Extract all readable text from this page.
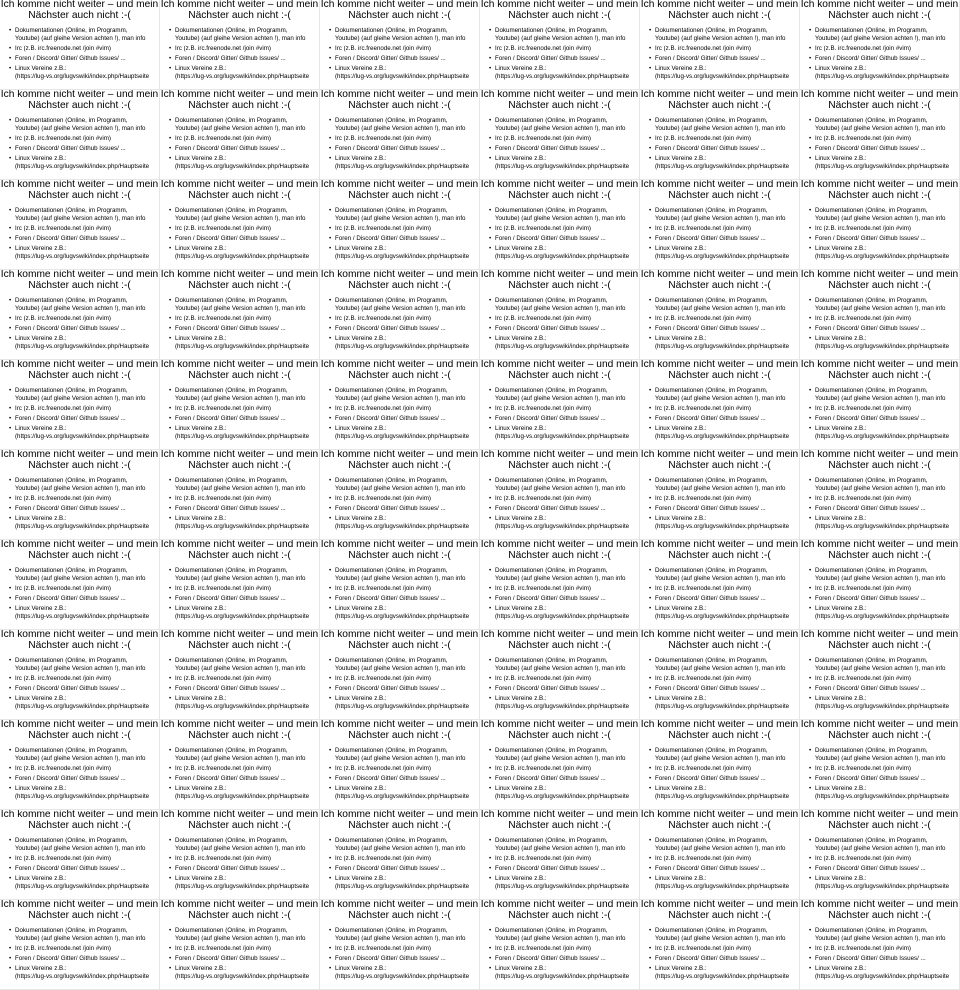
Ich komme nicht weiter – und mein
Nächster auch nicht :-(
• Dokumentationen (Online, im Programm,
Youtube) (auf gleihe Version achten !), man info
• Irc (z.B. irc.freenode.net /join #vim)
• Foren / Discord/ Gitter/ Github Issues/ ...
• Linux Vereine z.B.:
(https://lug-vs.org/lugvswiki/index.php/Hauptseite
Ich komme nicht weiter – und mein
Nächster auch nicht :-(
• Dokumentationen (Online, im Programm,
Youtube) (auf gleihe Version achten !), man info
• Irc (z.B. irc.freenode.net /join #vim)
• Foren / Discord/ Gitter/ Github Issues/ ...
• Linux Vereine z.B.:
(https://lug-vs.org/lugvswiki/index.php/Hauptseite
Ich komme nicht weiter – und mein
Nächster auch nicht :-(
• Dokumentationen (Online, im Programm,
Youtube) (auf gleihe Version achten !), man info
• Irc (z.B. irc.freenode.net /join #vim)
• Foren / Discord/ Gitter/ Github Issues/ ...
• Linux Vereine z.B.:
(https://lug-vs.org/lugvswiki/index.php/Hauptseite
Ich komme nicht weiter – und mein
Nächster auch nicht :-(
• Dokumentationen (Online, im Programm,
Youtube) (auf gleihe Version achten !), man info
• Irc (z.B. irc.freenode.net /join #vim)
• Foren / Discord/ Gitter/ Github Issues/ ...
• Linux Vereine z.B.:
(https://lug-vs.org/lugvswiki/index.php/Hauptseite
Ich komme nicht weiter – und mein
Nächster auch nicht :-(
• Dokumentationen (Online, im Programm,
Youtube) (auf gleihe Version achten !), man info
• Irc (z.B. irc.freenode.net /join #vim)
• Foren / Discord/ Gitter/ Github Issues/ ...
• Linux Vereine z.B.:
(https://lug-vs.org/lugvswiki/index.php/Hauptseite
Ich komme nicht weiter – und mein
Nächster auch nicht :-(
• Dokumentationen (Online, im Programm,
Youtube) (auf gleihe Version achten !), man info
• Irc (z.B. irc.freenode.net /join #vim)
• Foren / Discord/ Gitter/ Github Issues/ ...
• Linux Vereine z.B.:
(https://lug-vs.org/lugvswiki/index.php/Hauptseite
Ich komme nicht weiter – und mein
Nächster auch nicht :-(
• Dokumentationen (Online, im Programm,
Youtube) (auf gleihe Version achten !), man info
• Irc (z.B. irc.freenode.net /join #vim)
• Foren / Discord/ Gitter/ Github Issues/ ...
• Linux Vereine z.B.:
(https://lug-vs.org/lugvswiki/index.php/Hauptseite
Ich komme nicht weiter – und mein
Nächster auch nicht :-(
• Dokumentationen (Online, im Programm,
Youtube) (auf gleihe Version achten !), man info
• Irc (z.B. irc.freenode.net /join #vim)
• Foren / Discord/ Gitter/ Github Issues/ ...
• Linux Vereine z.B.:
(https://lug-vs.org/lugvswiki/index.php/Hauptseite
Ich komme nicht weiter – und mein
Nächster auch nicht :-(
• Dokumentationen (Online, im Programm,
Youtube) (auf gleihe Version achten !), man info
• Irc (z.B. irc.freenode.net /join #vim)
• Foren / Discord/ Gitter/ Github Issues/ ...
• Linux Vereine z.B.:
(https://lug-vs.org/lugvswiki/index.php/Hauptseite
Ich komme nicht weiter – und mein
Nächster auch nicht :-(
• Dokumentationen (Online, im Programm,
Youtube) (auf gleihe Version achten !), man info
• Irc (z.B. irc.freenode.net /join #vim)
• Foren / Discord/ Gitter/ Github Issues/ ...
• Linux Vereine z.B.:
(https://lug-vs.org/lugvswiki/index.php/Hauptseite
Ich komme nicht weiter – und mein
Nächster auch nicht :-(
• Dokumentationen (Online, im Programm,
Youtube) (auf gleihe Version achten !), man info
• Irc (z.B. irc.freenode.net /join #vim)
• Foren / Discord/ Gitter/ Github Issues/ ...
• Linux Vereine z.B.:
(https://lug-vs.org/lugvswiki/index.php/Hauptseite
Ich komme nicht weiter – und mein
Nächster auch nicht :-(
• Dokumentationen (Online, im Programm,
Youtube) (auf gleihe Version achten !), man info
• Irc (z.B. irc.freenode.net /join #vim)
• Foren / Discord/ Gitter/ Github Issues/ ...
• Linux Vereine z.B.:
(https://lug-vs.org/lugvswiki/index.php/Hauptseite
Ich komme nicht weiter – und mein
Nächster auch nicht :-(
• Dokumentationen (Online, im Programm,
Youtube) (auf gleihe Version achten !), man info
• Irc (z.B. irc.freenode.net /join #vim)
• Foren / Discord/ Gitter/ Github Issues/ ...
• Linux Vereine z.B.:
(https://lug-vs.org/lugvswiki/index.php/Hauptseite
Ich komme nicht weiter – und mein
Nächster auch nicht :-(
• Dokumentationen (Online, im Programm,
Youtube) (auf gleihe Version achten !), man info
• Irc (z.B. irc.freenode.net /join #vim)
• Foren / Discord/ Gitter/ Github Issues/ ...
• Linux Vereine z.B.:
(https://lug-vs.org/lugvswiki/index.php/Hauptseite
Ich komme nicht weiter – und mein
Nächster auch nicht :-(
• Dokumentationen (Online, im Programm,
Youtube) (auf gleihe Version achten !), man info
• Irc (z.B. irc.freenode.net /join #vim)
• Foren / Discord/ Gitter/ Github Issues/ ...
• Linux Vereine z.B.:
(https://lug-vs.org/lugvswiki/index.php/Hauptseite
Ich komme nicht weiter – und mein
Nächster auch nicht :-(
• Dokumentationen (Online, im Programm,
Youtube) (auf gleihe Version achten !), man info
• Irc (z.B. irc.freenode.net /join #vim)
• Foren / Discord/ Gitter/ Github Issues/ ...
• Linux Vereine z.B.:
(https://lug-vs.org/lugvswiki/index.php/Hauptseite
Ich komme nicht weiter – und mein
Nächster auch nicht :-(
• Dokumentationen (Online, im Programm,
Youtube) (auf gleihe Version achten !), man info
• Irc (z.B. irc.freenode.net /join #vim)
• Foren / Discord/ Gitter/ Github Issues/ ...
• Linux Vereine z.B.:
(https://lug-vs.org/lugvswiki/index.php/Hauptseite
Ich komme nicht weiter – und mein
Nächster auch nicht :-(
• Dokumentationen (Online, im Programm,
Youtube) (auf gleihe Version achten !), man info
• Irc (z.B. irc.freenode.net /join #vim)
• Foren / Discord/ Gitter/ Github Issues/ ...
• Linux Vereine z.B.:
(https://lug-vs.org/lugvswiki/index.php/Hauptseite
Ich komme nicht weiter – und mein
Nächster auch nicht :-(
• Dokumentationen (Online, im Programm,
Youtube) (auf gleihe Version achten !), man info
• Irc (z.B. irc.freenode.net /join #vim)
• Foren / Discord/ Gitter/ Github Issues/ ...
• Linux Vereine z.B.:
(https://lug-vs.org/lugvswiki/index.php/Hauptseite
Ich komme nicht weiter – und mein
Nächster auch nicht :-(
• Dokumentationen (Online, im Programm,
Youtube) (auf gleihe Version achten !), man info
• Irc (z.B. irc.freenode.net /join #vim)
• Foren / Discord/ Gitter/ Github Issues/ ...
• Linux Vereine z.B.:
(https://lug-vs.org/lugvswiki/index.php/Hauptseite
Ich komme nicht weiter – und mein
Nächster auch nicht :-(
• Dokumentationen (Online, im Programm,
Youtube) (auf gleihe Version achten !), man info
• Irc (z.B. irc.freenode.net /join #vim)
• Foren / Discord/ Gitter/ Github Issues/ ...
• Linux Vereine z.B.:
(https://lug-vs.org/lugvswiki/index.php/Hauptseite
Ich komme nicht weiter – und mein
Nächster auch nicht :-(
• Dokumentationen (Online, im Programm,
Youtube) (auf gleihe Version achten !), man info
• Irc (z.B. irc.freenode.net /join #vim)
• Foren / Discord/ Gitter/ Github Issues/ ...
• Linux Vereine z.B.:
(https://lug-vs.org/lugvswiki/index.php/Hauptseite
Ich komme nicht weiter – und mein
Nächster auch nicht :-(
• Dokumentationen (Online, im Programm,
Youtube) (auf gleihe Version achten !), man info
• Irc (z.B. irc.freenode.net /join #vim)
• Foren / Discord/ Gitter/ Github Issues/ ...
• Linux Vereine z.B.:
(https://lug-vs.org/lugvswiki/index.php/Hauptseite
Ich komme nicht weiter – und mein
Nächster auch nicht :-(
• Dokumentationen (Online, im Programm,
Youtube) (auf gleihe Version achten !), man info
• Irc (z.B. irc.freenode.net /join #vim)
• Foren / Discord/ Gitter/ Github Issues/ ...
• Linux Vereine z.B.:
(https://lug-vs.org/lugvswiki/index.php/Hauptseite
Ich komme nicht weiter – und mein
Nächster auch nicht :-(
• Dokumentationen (Online, im Programm,
Youtube) (auf gleihe Version achten !), man info
• Irc (z.B. irc.freenode.net /join #vim)
• Foren / Discord/ Gitter/ Github Issues/ ...
• Linux Vereine z.B.:
(https://lug-vs.org/lugvswiki/index.php/Hauptseite
Ich komme nicht weiter – und mein
Nächster auch nicht :-(
• Dokumentationen (Online, im Programm,
Youtube) (auf gleihe Version achten !), man info
• Irc (z.B. irc.freenode.net /join #vim)
• Foren / Discord/ Gitter/ Github Issues/ ...
• Linux Vereine z.B.:
(https://lug-vs.org/lugvswiki/index.php/Hauptseite
Ich komme nicht weiter – und mein
Nächster auch nicht :-(
• Dokumentationen (Online, im Programm,
Youtube) (auf gleihe Version achten !), man info
• Irc (z.B. irc.freenode.net /join #vim)
• Foren / Discord/ Gitter/ Github Issues/ ...
• Linux Vereine z.B.:
(https://lug-vs.org/lugvswiki/index.php/Hauptseite
Ich komme nicht weiter – und mein
Nächster auch nicht :-(
• Dokumentationen (Online, im Programm,
Youtube) (auf gleihe Version achten !), man info
• Irc (z.B. irc.freenode.net /join #vim)
• Foren / Discord/ Gitter/ Github Issues/ ...
• Linux Vereine z.B.:
(https://lug-vs.org/lugvswiki/index.php/Hauptseite
Ich komme nicht weiter – und mein
Nächster auch nicht :-(
• Dokumentationen (Online, im Programm,
Youtube) (auf gleihe Version achten !), man info
• Irc (z.B. irc.freenode.net /join #vim)
• Foren / Discord/ Gitter/ Github Issues/ ...
• Linux Vereine z.B.:
(https://lug-vs.org/lugvswiki/index.php/Hauptseite
Ich komme nicht weiter – und mein
Nächster auch nicht :-(
• Dokumentationen (Online, im Programm,
Youtube) (auf gleihe Version achten !), man info
• Irc (z.B. irc.freenode.net /join #vim)
• Foren / Discord/ Gitter/ Github Issues/ ...
• Linux Vereine z.B.:
(https://lug-vs.org/lugvswiki/index.php/Hauptseite
Ich komme nicht weiter – und mein
Nächster auch nicht :-(
• Dokumentationen (Online, im Programm,
Youtube) (auf gleihe Version achten !), man info
• Irc (z.B. irc.freenode.net /join #vim)
• Foren / Discord/ Gitter/ Github Issues/ ...
• Linux Vereine z.B.:
(https://lug-vs.org/lugvswiki/index.php/Hauptseite
Ich komme nicht weiter – und mein
Nächster auch nicht :-(
• Dokumentationen (Online, im Programm,
Youtube) (auf gleihe Version achten !), man info
• Irc (z.B. irc.freenode.net /join #vim)
• Foren / Discord/ Gitter/ Github Issues/ ...
• Linux Vereine z.B.:
(https://lug-vs.org/lugvswiki/index.php/Hauptseite
Ich komme nicht weiter – und mein
Nächster auch nicht :-(
• Dokumentationen (Online, im Programm,
Youtube) (auf gleihe Version achten !), man info
• Irc (z.B. irc.freenode.net /join #vim)
• Foren / Discord/ Gitter/ Github Issues/ ...
• Linux Vereine z.B.:
(https://lug-vs.org/lugvswiki/index.php/Hauptseite
Ich komme nicht weiter – und mein
Nächster auch nicht :-(
• Dokumentationen (Online, im Programm,
Youtube) (auf gleihe Version achten !), man info
• Irc (z.B. irc.freenode.net /join #vim)
• Foren / Discord/ Gitter/ Github Issues/ ...
• Linux Vereine z.B.:
(https://lug-vs.org/lugvswiki/index.php/Hauptseite
Ich komme nicht weiter – und mein
Nächster auch nicht :-(
• Dokumentationen (Online, im Programm,
Youtube) (auf gleihe Version achten !), man info
• Irc (z.B. irc.freenode.net /join #vim)
• Foren / Discord/ Gitter/ Github Issues/ ...
• Linux Vereine z.B.:
(https://lug-vs.org/lugvswiki/index.php/Hauptseite
Ich komme nicht weiter – und mein
Nächster auch nicht :-(
• Dokumentationen (Online, im Programm,
Youtube) (auf gleihe Version achten !), man info
• Irc (z.B. irc.freenode.net /join #vim)
• Foren / Discord/ Gitter/ Github Issues/ ...
• Linux Vereine z.B.:
(https://lug-vs.org/lugvswiki/index.php/Hauptseite
Ich komme nicht weiter – und mein
Nächster auch nicht :-(
• Dokumentationen (Online, im Programm,
Youtube) (auf gleihe Version achten !), man info
• Irc (z.B. irc.freenode.net /join #vim)
• Foren / Discord/ Gitter/ Github Issues/ ...
• Linux Vereine z.B.:
(https://lug-vs.org/lugvswiki/index.php/Hauptseite
Ich komme nicht weiter – und mein
Nächster auch nicht :-(
• Dokumentationen (Online, im Programm,
Youtube) (auf gleihe Version achten !), man info
• Irc (z.B. irc.freenode.net /join #vim)
• Foren / Discord/ Gitter/ Github Issues/ ...
• Linux Vereine z.B.:
(https://lug-vs.org/lugvswiki/index.php/Hauptseite
Ich komme nicht weiter – und mein
Nächster auch nicht :-(
• Dokumentationen (Online, im Programm,
Youtube) (auf gleihe Version achten !), man info
• Irc (z.B. irc.freenode.net /join #vim)
• Foren / Discord/ Gitter/ Github Issues/ ...
• Linux Vereine z.B.:
(https://lug-vs.org/lugvswiki/index.php/Hauptseite
Ich komme nicht weiter – und mein
Nächster auch nicht :-(
• Dokumentationen (Online, im Programm,
Youtube) (auf gleihe Version achten !), man info
• Irc (z.B. irc.freenode.net /join #vim)
• Foren / Discord/ Gitter/ Github Issues/ ...
• Linux Vereine z.B.:
(https://lug-vs.org/lugvswiki/index.php/Hauptseite
Ich komme nicht weiter – und mein
Nächster auch nicht :-(
• Dokumentationen (Online, im Programm,
Youtube) (auf gleihe Version achten !), man info
• Irc (z.B. irc.freenode.net /join #vim)
• Foren / Discord/ Gitter/ Github Issues/ ...
• Linux Vereine z.B.:
(https://lug-vs.org/lugvswiki/index.php/Hauptseite
Ich komme nicht weiter – und mein
Nächster auch nicht :-(
• Dokumentationen (Online, im Programm,
Youtube) (auf gleihe Version achten !), man info
• Irc (z.B. irc.freenode.net /join #vim)
• Foren / Discord/ Gitter/ Github Issues/ ...
• Linux Vereine z.B.:
(https://lug-vs.org/lugvswiki/index.php/Hauptseite
Ich komme nicht weiter – und mein
Nächster auch nicht :-(
• Dokumentationen (Online, im Programm,
Youtube) (auf gleihe Version achten !), man info
• Irc (z.B. irc.freenode.net /join #vim)
• Foren / Discord/ Gitter/ Github Issues/ ...
• Linux Vereine z.B.:
(https://lug-vs.org/lugvswiki/index.php/Hauptseite
Ich komme nicht weiter – und mein
Nächster auch nicht :-(
• Dokumentationen (Online, im Programm,
Youtube) (auf gleihe Version achten !), man info
• Irc (z.B. irc.freenode.net /join #vim)
• Foren / Discord/ Gitter/ Github Issues/ ...
• Linux Vereine z.B.:
(https://lug-vs.org/lugvswiki/index.php/Hauptseite
Ich komme nicht weiter – und mein
Nächster auch nicht :-(
• Dokumentationen (Online, im Programm,
Youtube) (auf gleihe Version achten !), man info
• Irc (z.B. irc.freenode.net /join #vim)
• Foren / Discord/ Gitter/ Github Issues/ ...
• Linux Vereine z.B.:
(https://lug-vs.org/lugvswiki/index.php/Hauptseite
Ich komme nicht weiter – und mein
Nächster auch nicht :-(
• Dokumentationen (Online, im Programm,
Youtube) (auf gleihe Version achten !), man info
• Irc (z.B. irc.freenode.net /join #vim)
• Foren / Discord/ Gitter/ Github Issues/ ...
• Linux Vereine z.B.:
(https://lug-vs.org/lugvswiki/index.php/Hauptseite
Ich komme nicht weiter – und mein
Nächster auch nicht :-(
• Dokumentationen (Online, im Programm,
Youtube) (auf gleihe Version achten !), man info
• Irc (z.B. irc.freenode.net /join #vim)
• Foren / Discord/ Gitter/ Github Issues/ ...
• Linux Vereine z.B.:
(https://lug-vs.org/lugvswiki/index.php/Hauptseite
Ich komme nicht weiter – und mein
Nächster auch nicht :-(
• Dokumentationen (Online, im Programm,
Youtube) (auf gleihe Version achten !), man info
• Irc (z.B. irc.freenode.net /join #vim)
• Foren / Discord/ Gitter/ Github Issues/ ...
• Linux Vereine z.B.:
(https://lug-vs.org/lugvswiki/index.php/Hauptseite
Ich komme nicht weiter – und mein
Nächster auch nicht :-(
• Dokumentationen (Online, im Programm,
Youtube) (auf gleihe Version achten !), man info
• Irc (z.B. irc.freenode.net /join #vim)
• Foren / Discord/ Gitter/ Github Issues/ ...
• Linux Vereine z.B.:
(https://lug-vs.org/lugvswiki/index.php/Hauptseite
Ich komme nicht weiter – und mein
Nächster auch nicht :-(
• Dokumentationen (Online, im Programm,
Youtube) (auf gleihe Version achten !), man info
• Irc (z.B. irc.freenode.net /join #vim)
• Foren / Discord/ Gitter/ Github Issues/ ...
• Linux Vereine z.B.:
(https://lug-vs.org/lugvswiki/index.php/Hauptseite
Ich komme nicht weiter – und mein
Nächster auch nicht :-(
• Dokumentationen (Online, im Programm,
Youtube) (auf gleihe Version achten !), man info
• Irc (z.B. irc.freenode.net /join #vim)
• Foren / Discord/ Gitter/ Github Issues/ ...
• Linux Vereine z.B.:
(https://lug-vs.org/lugvswiki/index.php/Hauptseite
Ich komme nicht weiter – und mein
Nächster auch nicht :-(
• Dokumentationen (Online, im Programm,
Youtube) (auf gleihe Version achten !), man info
• Irc (z.B. irc.freenode.net /join #vim)
• Foren / Discord/ Gitter/ Github Issues/ ...
• Linux Vereine z.B.:
(https://lug-vs.org/lugvswiki/index.php/Hauptseite
Ich komme nicht weiter – und mein
Nächster auch nicht :-(
• Dokumentationen (Online, im Programm,
Youtube) (auf gleihe Version achten !), man info
• Irc (z.B. irc.freenode.net /join #vim)
• Foren / Discord/ Gitter/ Github Issues/ ...
• Linux Vereine z.B.:
(https://lug-vs.org/lugvswiki/index.php/Hauptseite
Ich komme nicht weiter – und mein
Nächster auch nicht :-(
• Dokumentationen (Online, im Programm,
Youtube) (auf gleihe Version achten !), man info
• Irc (z.B. irc.freenode.net /join #vim)
• Foren / Discord/ Gitter/ Github Issues/ ...
• Linux Vereine z.B.:
(https://lug-vs.org/lugvswiki/index.php/Hauptseite
Ich komme nicht weiter – und mein
Nächster auch nicht :-(
• Dokumentationen (Online, im Programm,
Youtube) (auf gleihe Version achten !), man info
• Irc (z.B. irc.freenode.net /join #vim)
• Foren / Discord/ Gitter/ Github Issues/ ...
• Linux Vereine z.B.:
(https://lug-vs.org/lugvswiki/index.php/Hauptseite
Ich komme nicht weiter – und mein
Nächster auch nicht :-(
• Dokumentationen (Online, im Programm,
Youtube) (auf gleihe Version achten !), man info
• Irc (z.B. irc.freenode.net /join #vim)
• Foren / Discord/ Gitter/ Github Issues/ ...
• Linux Vereine z.B.:
(https://lug-vs.org/lugvswiki/index.php/Hauptseite
Ich komme nicht weiter – und mein
Nächster auch nicht :-(
• Dokumentationen (Online, im Programm,
Youtube) (auf gleihe Version achten !), man info
• Irc (z.B. irc.freenode.net /join #vim)
• Foren / Discord/ Gitter/ Github Issues/ ...
• Linux Vereine z.B.:
(https://lug-vs.org/lugvswiki/index.php/Hauptseite
Ich komme nicht weiter – und mein
Nächster auch nicht :-(
• Dokumentationen (Online, im Programm,
Youtube) (auf gleihe Version achten !), man info
• Irc (z.B. irc.freenode.net /join #vim)
• Foren / Discord/ Gitter/ Github Issues/ ...
• Linux Vereine z.B.:
(https://lug-vs.org/lugvswiki/index.php/Hauptseite
Ich komme nicht weiter – und mein
Nächster auch nicht :-(
• Dokumentationen (Online, im Programm,
Youtube) (auf gleihe Version achten !), man info
• Irc (z.B. irc.freenode.net /join #vim)
• Foren / Discord/ Gitter/ Github Issues/ ...
• Linux Vereine z.B.:
(https://lug-vs.org/lugvswiki/index.php/Hauptseite
Ich komme nicht weiter – und mein
Nächster auch nicht :-(
• Dokumentationen (Online, im Programm,
Youtube) (auf gleihe Version achten !), man info
• Irc (z.B. irc.freenode.net /join #vim)
• Foren / Discord/ Gitter/ Github Issues/ ...
• Linux Vereine z.B.:
(https://lug-vs.org/lugvswiki/index.php/Hauptseite
Ich komme nicht weiter – und mein
Nächster auch nicht :-(
• Dokumentationen (Online, im Programm,
Youtube) (auf gleihe Version achten !), man info
• Irc (z.B. irc.freenode.net /join #vim)
• Foren / Discord/ Gitter/ Github Issues/ ...
• Linux Vereine z.B.:
(https://lug-vs.org/lugvswiki/index.php/Hauptseite
Ich komme nicht weiter – und mein
Nächster auch nicht :-(
• Dokumentationen (Online, im Programm,
Youtube) (auf gleihe Version achten !), man info
• Irc (z.B. irc.freenode.net /join #vim)
• Foren / Discord/ Gitter/ Github Issues/ ...
• Linux Vereine z.B.:
(https://lug-vs.org/lugvswiki/index.php/Hauptseite
Ich komme nicht weiter – und mein
Nächster auch nicht :-(
• Dokumentationen (Online, im Programm,
Youtube) (auf gleihe Version achten !), man info
• Irc (z.B. irc.freenode.net /join #vim)
• Foren / Discord/ Gitter/ Github Issues/ ...
• Linux Vereine z.B.:
(https://lug-vs.org/lugvswiki/index.php/Hauptseite
Ich komme nicht weiter – und mein
Nächster auch nicht :-(
• Dokumentationen (Online, im Programm,
Youtube) (auf gleihe Version achten !), man info
• Irc (z.B. irc.freenode.net /join #vim)
• Foren / Discord/ Gitter/ Github Issues/ ...
• Linux Vereine z.B.:
(https://lug-vs.org/lugvswiki/index.php/Hauptseite
Ich komme nicht weiter – und mein
Nächster auch nicht :-(
• Dokumentationen (Online, im Programm,
Youtube) (auf gleihe Version achten !), man info
• Irc (z.B. irc.freenode.net /join #vim)
• Foren / Discord/ Gitter/ Github Issues/ ...
• Linux Vereine z.B.:
(https://lug-vs.org/lugvswiki/index.php/Hauptseite
Ich komme nicht weiter – und mein
Nächster auch nicht :-(
• Dokumentationen (Online, im Programm,
Youtube) (auf gleihe Version achten !), man info
• Irc (z.B. irc.freenode.net /join #vim)
• Foren / Discord/ Gitter/ Github Issues/ ...
• Linux Vereine z.B.:
(https://lug-vs.org/lugvswiki/index.php/Hauptseite
